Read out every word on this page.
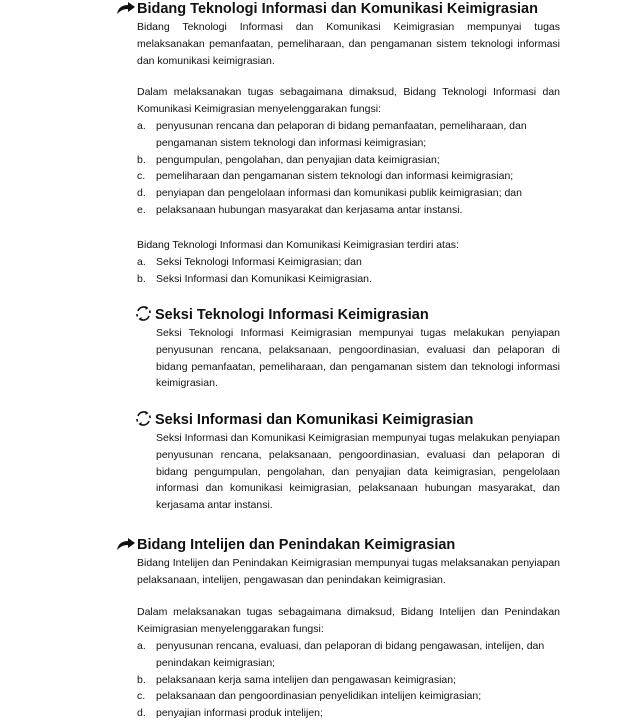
Bidang Teknologi Informasi dan Komunikasi Keimigrasian

Bidang Teknologi Informasi dan Komunikasi Keimigrasian mempunyai tugas melaksanakan pemanfaatan, pemeliharaan, dan pengamanan sistem teknologi informasi dan komunikasi keimigrasian.

Dalam melaksanakan tugas sebagaimana dimaksud, Bidang Teknologi Informasi dan Komunikasi Keimigrasian menyelenggarakan fungsi:

a. penyusunan rencana dan pelaporan di bidang pemanfaatan, pemeliharaan, dan pengamanan sistem teknologi dan informasi keimigrasian;
b. pengumpulan, pengolahan, dan penyajian data keimigrasian;
c. pemeliharaan dan pengamanan sistem teknologi dan informasi keimigrasian;
d. penyiapan dan pengelolaan informasi dan komunikasi publik keimigrasian; dan
e. pelaksanaan hubungan masyarakat dan kerjasama antar instansi.

Bidang Teknologi Informasi dan Komunikasi Keimigrasian terdiri atas:

a. Seksi Teknologi Informasi Keimigrasian; dan
b. Seksi Informasi dan Komunikasi Keimigrasian.
Seksi Teknologi Informasi Keimigrasian

Seksi Teknologi Informasi Keimigrasian mempunyai tugas melakukan penyiapan penyusunan rencana, pelaksanaan, pengoordinasian, evaluasi dan pelaporan di bidang pemanfaatan, pemeliharaan, dan pengamanan sistem dan teknologi informasi keimigrasian.

Seksi Informasi dan Komunikasi Keimigrasian

Seksi Informasi dan Komunikasi Keimigrasian mempunyai tugas melakukan penyiapan penyusunan rencana, pelaksanaan, pengoordinasian, evaluasi dan pelaporan di bidang pengumpulan, pengolahan, dan penyajian data keimigrasian, pengelolaan informasi dan komunikasi keimigrasian, pelaksanaan hubungan masyarakat, dan kerjasama antar instansi.

Bidang Intelijen dan Penindakan Keimigrasian

Bidang Intelijen dan Penindakan Keimigrasian mempunyai tugas melaksanakan penyiapan pelaksanaan, intelijen, pengawasan dan penindakan keimigrasian.

Dalam melaksanakan tugas sebagaimana dimaksud, Bidang Intelijen dan Penindakan Keimigrasian menyelenggarakan fungsi:

a. penyusunan rencana, evaluasi, dan pelaporan di bidang pengawasan, intelijen, dan penindakan keimigrasian;
b. pelaksanaan kerja sama intelijen dan pengawasan keimigrasian;
c. pelaksanaan dan pengoordinasian penyelidikan intelijen keimigrasian;
d. penyajian informasi produk intelijen;
